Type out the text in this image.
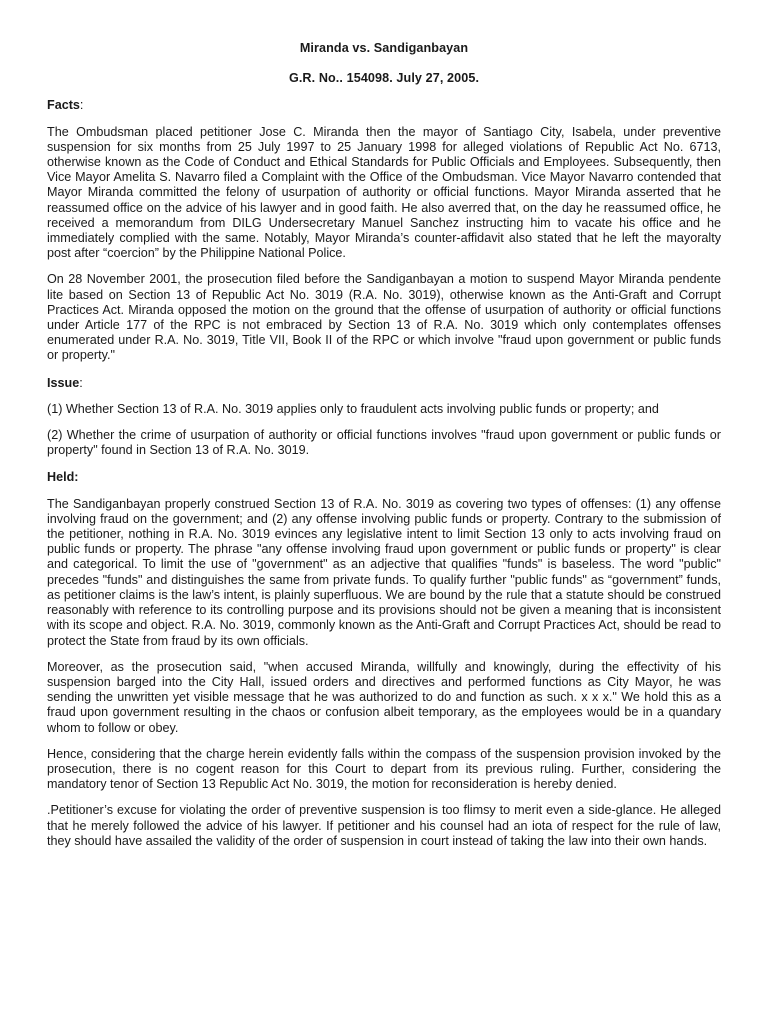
Miranda vs. Sandiganbayan

G.R. No.. 154098. July 27, 2005.

Facts:

The Ombudsman placed petitioner Jose C. Miranda then the mayor of Santiago City, Isabela, under preventive suspension for six months from 25 July 1997 to 25 January 1998 for alleged violations of Republic Act No. 6713, otherwise known as the Code of Conduct and Ethical Standards for Public Officials and Employees. Subsequently, then Vice Mayor Amelita S. Navarro filed a Complaint with the Office of the Ombudsman. Vice Mayor Navarro contended that Mayor Miranda committed the felony of usurpation of authority or official functions. Mayor Miranda asserted that he reassumed office on the advice of his lawyer and in good faith. He also averred that, on the day he reassumed office, he received a memorandum from DILG Undersecretary Manuel Sanchez instructing him to vacate his office and he immediately complied with the same. Notably, Mayor Miranda’s counter-affidavit also stated that he left the mayoralty post after “coercion” by the Philippine National Police.

On 28 November 2001, the prosecution filed before the Sandiganbayan a motion to suspend Mayor Miranda pendente lite based on Section 13 of Republic Act No. 3019 (R.A. No. 3019), otherwise known as the Anti-Graft and Corrupt Practices Act. Miranda opposed the motion on the ground that the offense of usurpation of authority or official functions under Article 177 of the RPC is not embraced by Section 13 of R.A. No. 3019 which only contemplates offenses enumerated under R.A. No. 3019, Title VII, Book II of the RPC or which involve "fraud upon government or public funds or property."

Issue:

(1) Whether Section 13 of R.A. No. 3019 applies only to fraudulent acts involving public funds or property; and

(2) Whether the crime of usurpation of authority or official functions involves "fraud upon government or public funds or property" found in Section 13 of R.A. No. 3019.

Held:

The Sandiganbayan properly construed Section 13 of R.A. No. 3019 as covering two types of offenses: (1) any offense involving fraud on the government; and (2) any offense involving public funds or property. Contrary to the submission of the petitioner, nothing in R.A. No. 3019 evinces any legislative intent to limit Section 13 only to acts involving fraud on public funds or property. The phrase "any offense involving fraud upon government or public funds or property" is clear and categorical. To limit the use of "government" as an adjective that qualifies "funds" is baseless. The word "public" precedes "funds" and distinguishes the same from private funds. To qualify further "public funds" as “government” funds, as petitioner claims is the law’s intent, is plainly superfluous. We are bound by the rule that a statute should be construed reasonably with reference to its controlling purpose and its provisions should not be given a meaning that is inconsistent with its scope and object. R.A. No. 3019, commonly known as the Anti-Graft and Corrupt Practices Act, should be read to protect the State from fraud by its own officials.

Moreover, as the prosecution said, "when accused Miranda, willfully and knowingly, during the effectivity of his suspension barged into the City Hall, issued orders and directives and performed functions as City Mayor, he was sending the unwritten yet visible message that he was authorized to do and function as such. x x x." We hold this as a fraud upon government resulting in the chaos or confusion albeit temporary, as the employees would be in a quandary whom to follow or obey.

Hence, considering that the charge herein evidently falls within the compass of the suspension provision invoked by the prosecution, there is no cogent reason for this Court to depart from its previous ruling. Further, considering the mandatory tenor of Section 13 Republic Act No. 3019, the motion for reconsideration is hereby denied.

.Petitioner’s excuse for violating the order of preventive suspension is too flimsy to merit even a side-glance. He alleged that he merely followed the advice of his lawyer. If petitioner and his counsel had an iota of respect for the rule of law, they should have assailed the validity of the order of suspension in court instead of taking the law into their own hands.
